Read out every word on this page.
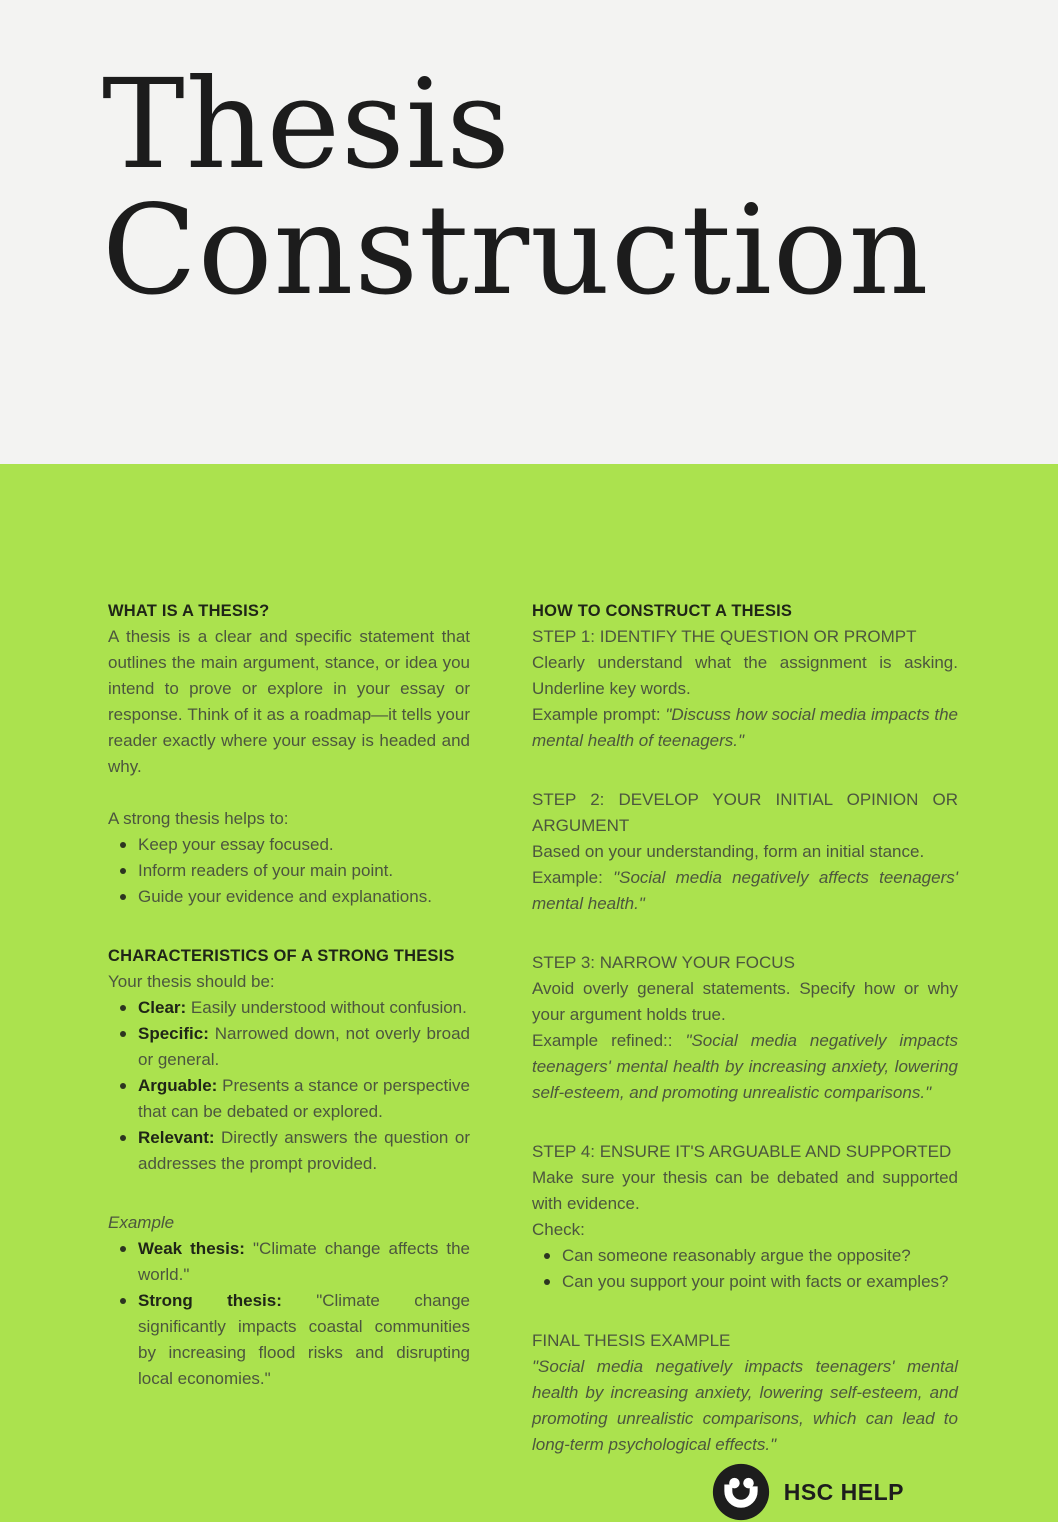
Thesis
Construction
WHAT IS A THESIS?

A thesis is a clear and specific statement that outlines the main argument, stance, or idea you intend to prove or explore in your essay or response. Think of it as a roadmap—it tells your reader exactly where your essay is headed and why.

A strong thesis helps to:

Keep your essay focused.
Inform readers of your main point.
Guide your evidence and explanations.
CHARACTERISTICS OF A STRONG THESIS

Your thesis should be:

Clear: Easily understood without confusion.
Specific: Narrowed down, not overly broad or general.
Arguable: Presents a stance or perspective that can be debated or explored.
Relevant: Directly answers the question or addresses the prompt provided.

Example

Weak thesis: "Climate change affects the world."
Strong thesis: "Climate change significantly impacts coastal communities by increasing flood risks and disrupting local economies."
HOW TO CONSTRUCT A THESIS

STEP 1: IDENTIFY THE QUESTION OR PROMPT

Clearly understand what the assignment is asking. Underline key words.

Example prompt: "Discuss how social media impacts the mental health of teenagers."

STEP 2: DEVELOP YOUR INITIAL OPINION OR ARGUMENT

Based on your understanding, form an initial stance.

Example: "Social media negatively affects teenagers' mental health."

STEP 3: NARROW YOUR FOCUS

Avoid overly general statements. Specify how or why your argument holds true.

Example refined:: "Social media negatively impacts teenagers' mental health by increasing anxiety, lowering self-esteem, and promoting unrealistic comparisons."

STEP 4: ENSURE IT'S ARGUABLE AND SUPPORTED

Make sure your thesis can be debated and supported with evidence.

Check:

Can someone reasonably argue the opposite?
Can you support your point with facts or examples?

FINAL THESIS EXAMPLE

"Social media negatively impacts teenagers' mental health by increasing anxiety, lowering self-esteem, and promoting unrealistic comparisons, which can lead to long-term psychological effects."

HSC HELP
